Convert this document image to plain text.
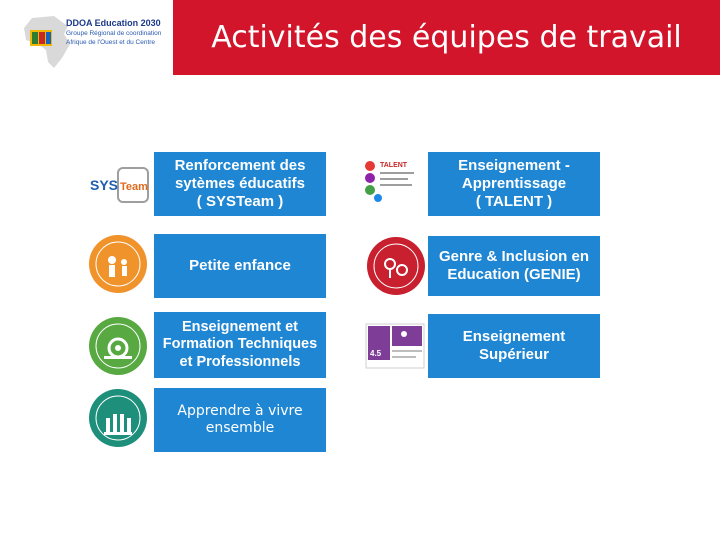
DDOA Education 2030
Groupe Régional de coordination
Afrique de l'Ouest et du Centre Activités des équipes de travail
SYS Team
Renforcement des
sytèmes éducatifs
( SYSTeam )
TALENT	Enseignement -
Apprentissage
( TALENT )
Petite enfance
Genre & Inclusion en
Education (GENIE)
Enseignement et
Formation Techniques
et Professionnels
4.5
Enseignement
Supérieur
Apprendre à vivre
ensemble
